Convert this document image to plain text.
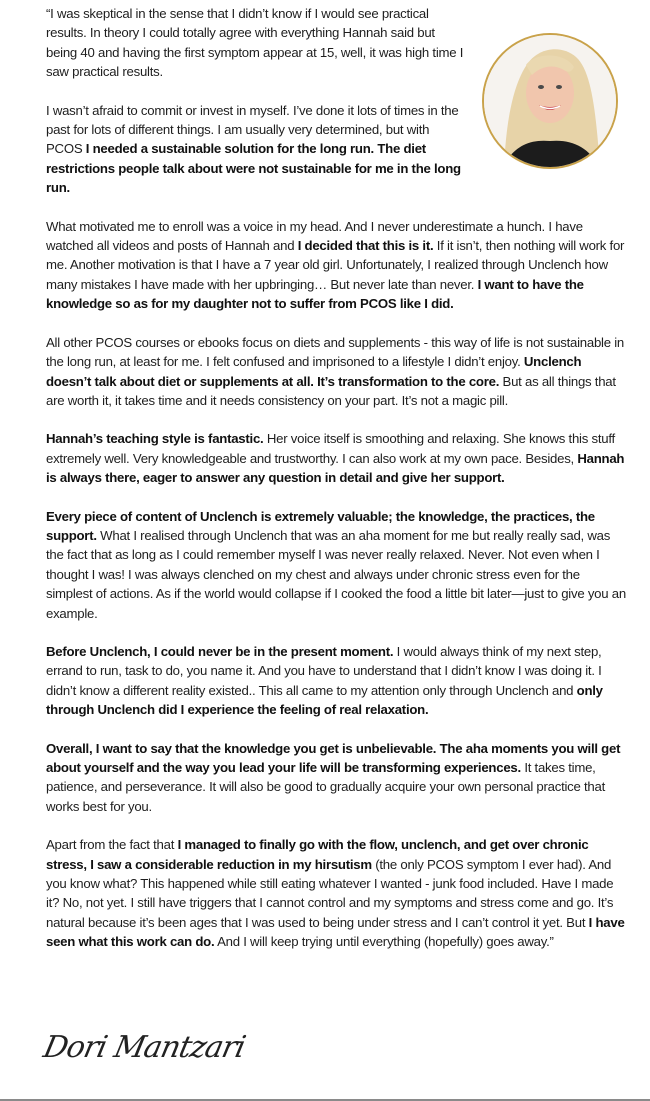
“I was skeptical in the sense that I didn’t know if I would see practical results. In theory I could totally agree with everything Hannah said but being 40 and having the first symptom appear at 15, well, it was high time I saw practical results.

I wasn’t afraid to commit or invest in myself. I’ve done it lots of times in the past for lots of different things. I am usually very determined, but with PCOS I needed a sustainable solution for the long run. The diet restrictions people talk about were not sustainable for me in the long run.

What motivated me to enroll was a voice in my head. And I never underestimate a hunch. I have watched all videos and posts of Hannah and I decided that this is it. If it isn’t, then nothing will work for me. Another motivation is that I have a 7 year old girl. Unfortunately, I realized through Unclench how many mistakes I have made with her upbringing… But never late than never. I want to have the knowledge so as for my daughter not to suffer from PCOS like I did.

All other PCOS courses or ebooks focus on diets and supplements - this way of life is not sustainable in the long run, at least for me. I felt confused and imprisoned to a lifestyle I didn’t enjoy. Unclench doesn’t talk about diet or supplements at all. It’s transformation to the core. But as all things that are worth it, it takes time and it needs consistency on your part. It’s not a magic pill.

Hannah’s teaching style is fantastic. Her voice itself is smoothing and relaxing. She knows this stuff extremely well. Very knowledgeable and trustworthy. I can also work at my own pace. Besides, Hannah is always there, eager to answer any question in detail and give her support.

Every piece of content of Unclench is extremely valuable; the knowledge, the practices, the support. What I realised through Unclench that was an aha moment for me but really really sad, was the fact that as long as I could remember myself I was never really relaxed. Never. Not even when I thought I was! I was always clenched on my chest and always under chronic stress even for the simplest of actions. As if the world would collapse if I cooked the food a little bit later—just to give you an example.

Before Unclench, I could never be in the present moment. I would always think of my next step, errand to run, task to do, you name it. And you have to understand that I didn’t know I was doing it. I didn’t know a different reality existed.. This all came to my attention only through Unclench and only through Unclench did I experience the feeling of real relaxation.

Overall, I want to say that the knowledge you get is unbelievable. The aha moments you will get about yourself and the way you lead your life will be transforming experiences. It takes time, patience, and perseverance. It will also be good to gradually acquire your own personal practice that works best for you.

Apart from the fact that I managed to finally go with the flow, unclench, and get over chronic stress, I saw a considerable reduction in my hirsutism (the only PCOS symptom I ever had). And you know what? This happened while still eating whatever I wanted - junk food included. Have I made it? No, not yet. I still have triggers that I cannot control and my symptoms and stress come and go. It’s natural because it’s been ages that I was used to being under stress and I can’t control it yet. But I have seen what this work can do. And I will keep trying until everything (hopefully) goes away.”

Dori Mantzari
